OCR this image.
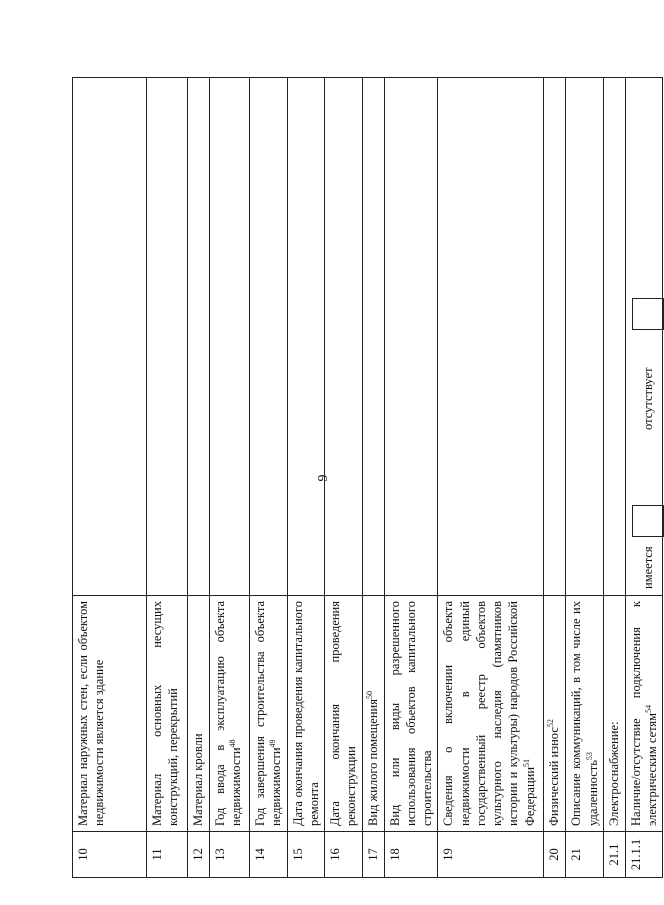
9
10	Материал наружных стен, если объектом недвижимости является здание	
11	Материал основных несущих конструкций, перекрытий	
12	Материал кровли	
13	Год ввода в эксплуатацию объекта недвижимости$^{48}$	
14	Год завершения строительства объекта недвижимости$^{49}$	
15	Дата окончания проведения капитального ремонта	
16	Дата окончания проведения реконструкции	
17	Вид жилого помещения$^{50}$	
18	Вид или виды разрешенного использования объектов капитального строительства	
19	Сведения о включении объекта недвижимости в единый государственный реестр объектов культурного наследия (памятников истории и культуры) народов Российской Федерации$^{51}$	
20	Физический износ$^{52}$	
21	Описание коммуникаций, в том числе их удаленность$^{53}$	
21.1	Электроснабжение:	
21.1.1	Наличие/отсутствие подключения к электрическим сетям$^{54}$	имеется
отсутствует
